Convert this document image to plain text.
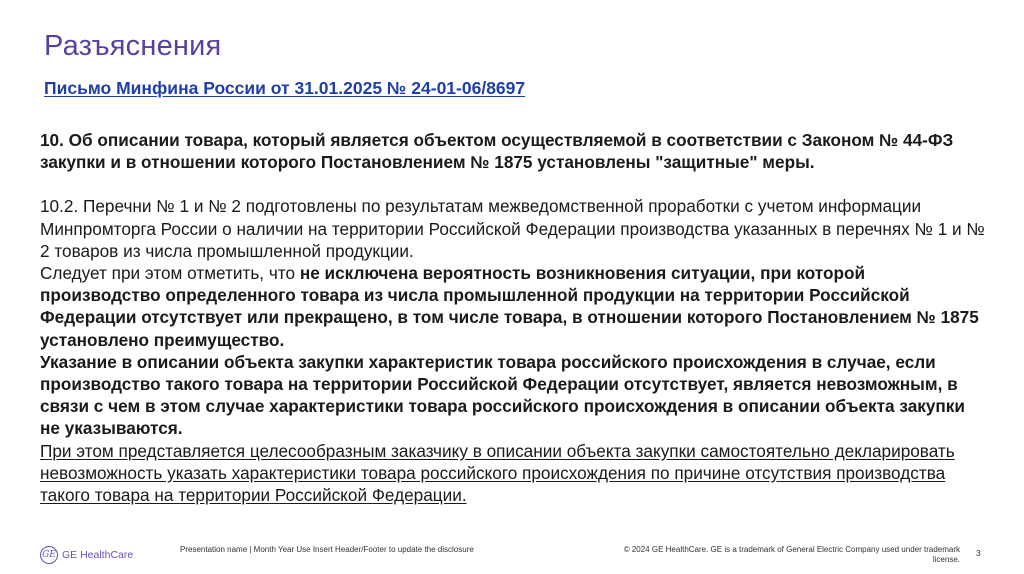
Разъяснения
Письмо Минфина России от 31.01.2025 № 24-01-06/8697

10. Об описании товара, который является объектом осуществляемой в соответствии с Законом № 44-ФЗ закупки и в отношении которого Постановлением № 1875 установлены "защитные" меры.

10.2. Перечни № 1 и № 2 подготовлены по результатам межведомственной проработки с учетом информации Минпромторга России о наличии на территории Российской Федерации производства указанных в перечнях № 1 и № 2 товаров из числа промышленной продукции.

Следует при этом отметить, что не исключена вероятность возникновения ситуации, при которой производство определенного товара из числа промышленной продукции на территории Российской Федерации отсутствует или прекращено, в том числе товара, в отношении которого Постановлением № 1875 установлено преимущество.

Указание в описании объекта закупки характеристик товара российского происхождения в случае, если производство такого товара на территории Российской Федерации отсутствует, является невозможным, в связи с чем в этом случае характеристики товара российского происхождения в описании объекта закупки не указываются.

При этом представляется целесообразным заказчику в описании объекта закупки самостоятельно декларировать невозможность указать характеристики товара российского происхождения по причине отсутствия производства такого товара на территории Российской Федерации.

GE GE HealthCare	Presentation name | Month Year Use Insert Header/Footer to update the disclosure	© 2024 GE HealthCare. GE is a trademark of General Electric Company used under trademark license.
3
